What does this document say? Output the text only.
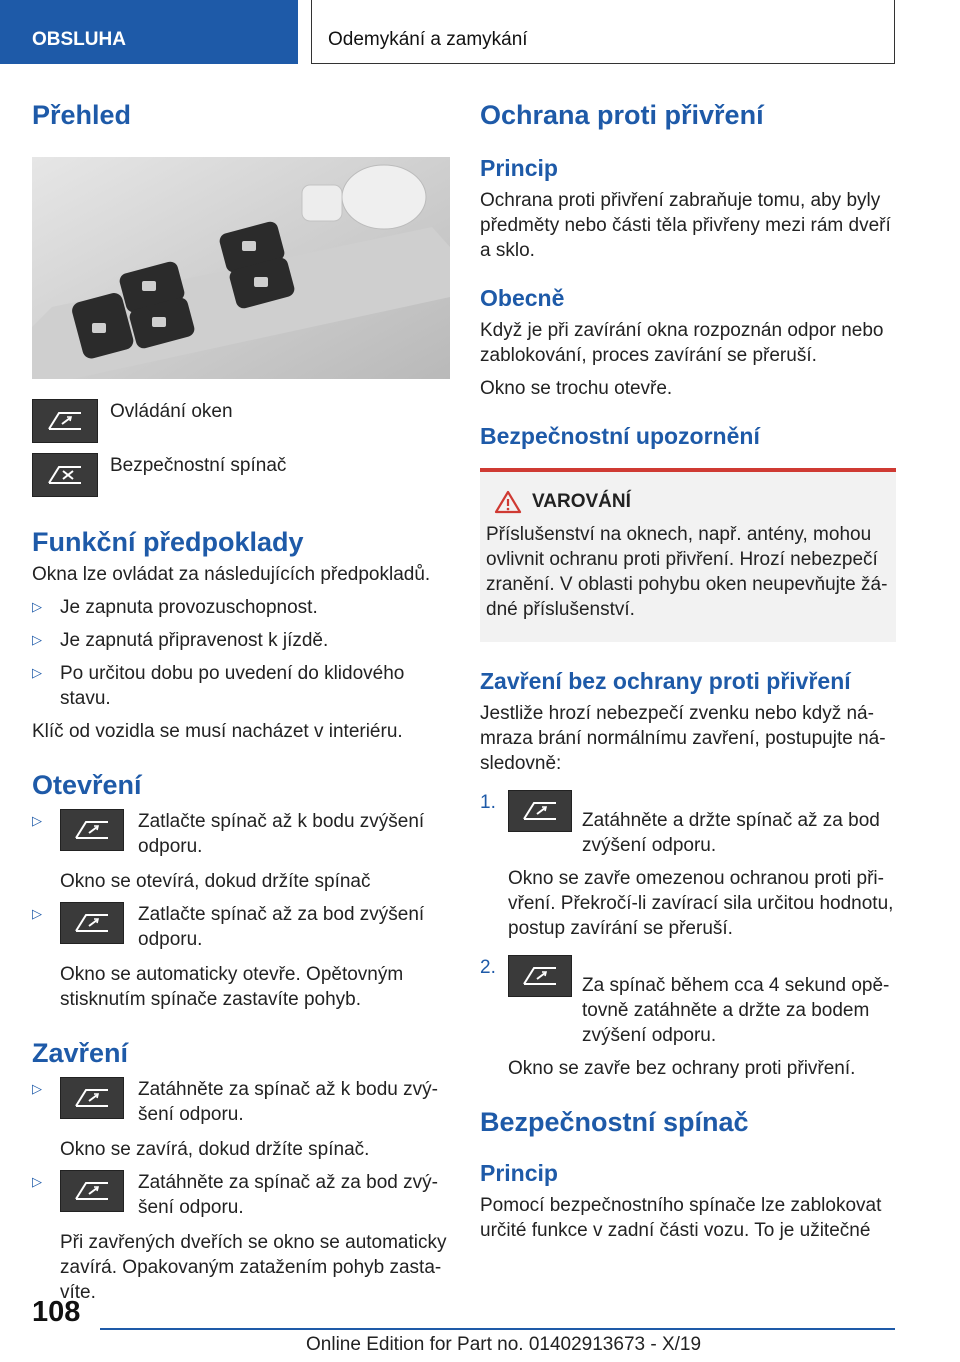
OBSLUHA	Odemykání a zamykání
Přehled

Ovládání oken

Bezpečnostní spínač

Funkční předpoklady

Okna lze ovládat za následujících předpokladů.

▷ Je zapnuta provozuschopnost.

▷ Je zapnutá připravenost k jízdě.

▷ Po určitou dobu po uvedení do klidového stavu.

Klíč od vozidla se musí nacházet v interiéru.

Otevření
▷	Zatlačte spínač až k bodu zvýšení odporu.

Okno se otevírá, dokud držíte spínač

▷	Zatlačte spínač až za bod zvýšení odporu.

Okno se automaticky otevře. Opětovným stisknutím spínače zastavíte pohyb.

Zavření
▷	Zatáhněte za spínač až k bodu zvýšení odporu.

Okno se zavírá, dokud držíte spínač.

▷	Zatáhněte za spínač až za bod zvýšení odporu.

Při zavřených dveřích se okno se automaticky zavírá. Opakovaným zatažením pohyb zastavíte.

Ochrana proti přivření
Princip

Ochrana proti přivření zabraňuje tomu, aby byly předměty nebo části těla přivřeny mezi rám dveří a sklo.

Obecně

Když je při zavírání okna rozpoznán odpor nebo zablokování, proces zavírání se přeruší.

Okno se trochu otevře.

Bezpečnostní upozornění
VAROVÁNÍ

Příslušenství na oknech, např. antény, mohou ovlivnit ochranu proti přivření. Hrozí nebezpečí zranění. V oblasti pohybu oken neupevňujte žádné příslušenství.

Zavření bez ochrany proti přivření

Jestliže hrozí nebezpečí zvenku nebo když námraza brání normálnímu zavření, postupujte následovně:

1.

Zatáhněte a držte spínač až za bod zvýšení odporu.

Okno se zavře omezenou ochranou proti přivření. Překročí-li zavírací sila určitou hodnotu, postup zavírání se přeruší.

2.

Za spínač během cca 4 sekund opětovně zatáhněte a držte za bodem zvýšení odporu.

Okno se zavře bez ochrany proti přivření.

Bezpečnostní spínač
Princip

Pomocí bezpečnostního spínače lze zablokovat určité funkce v zadní části vozu. To je užitečné

108
Online Edition for Part no. 01402913673 - X/19
